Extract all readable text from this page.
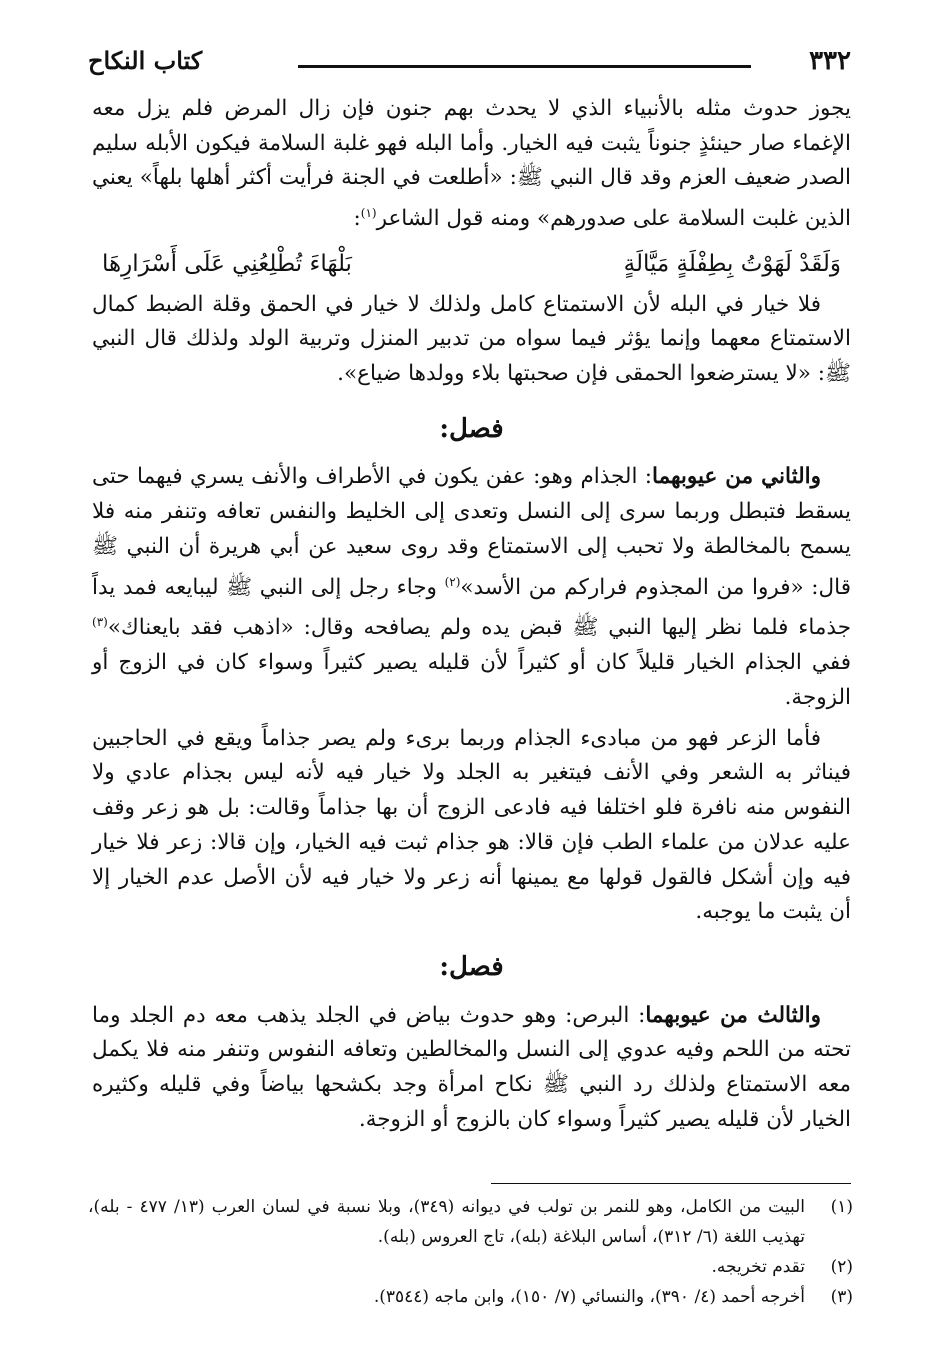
٣٣٢
كتاب النكاح

يجوز حدوث مثله بالأنبياء الذي لا يحدث بهم جنون فإن زال المرض فلم يزل معه الإغماء صار حينئذٍ جنوناً يثبت فيه الخيار. وأما البله فهو غلبة السلامة فيكون الأبله سليم الصدر ضعيف العزم وقد قال النبي ﷺ: «أطلعت في الجنة فرأيت أكثر أهلها بلهاً» يعني الذين غلبت السلامة على صدورهم» ومنه قول الشاعر$^{(١)}$:

وَلَقَدْ لَهَوْتُ بِطِفْلَةٍ مَيَّالَةٍ
بَلْهَاءَ تُطْلِعُنِي عَلَى أَسْرَارِهَا

فلا خيار في البله لأن الاستمتاع كامل ولذلك لا خيار في الحمق وقلة الضبط كمال الاستمتاع معهما وإنما يؤثر فيما سواه من تدبير المنزل وتربية الولد ولذلك قال النبي ﷺ: «لا يسترضعوا الحمقى فإن صحبتها بلاء وولدها ضياع».

فصل:

والثاني من عيوبهما: الجذام وهو: عفن يكون في الأطراف والأنف يسري فيهما حتى يسقط فتبطل وربما سرى إلى النسل وتعدى إلى الخليط والنفس تعافه وتنفر منه فلا يسمح بالمخالطة ولا تحبب إلى الاستمتاع وقد روى سعيد عن أبي هريرة أن النبي ﷺ قال: «فروا من المجذوم فراركم من الأسد»$^{(٢)}$ وجاء رجل إلى النبي ﷺ ليبايعه فمد يداً جذماء فلما نظر إليها النبي ﷺ قبض يده ولم يصافحه وقال: «اذهب فقد بايعناك»$^{(٣)}$ ففي الجذام الخيار قليلاً كان أو كثيراً لأن قليله يصير كثيراً وسواء كان في الزوج أو الزوجة.

فأما الزعر فهو من مبادىء الجذام وربما برىء ولم يصر جذاماً ويقع في الحاجبين فيناثر به الشعر وفي الأنف فيتغير به الجلد ولا خيار فيه لأنه ليس بجذام عادي ولا النفوس منه نافرة فلو اختلفا فيه فادعى الزوج أن بها جذاماً وقالت: بل هو زعر وقف عليه عدلان من علماء الطب فإن قالا: هو جذام ثبت فيه الخيار، وإن قالا: زعر فلا خيار فيه وإن أشكل فالقول قولها مع يمينها أنه زعر ولا خيار فيه لأن الأصل عدم الخيار إلا أن يثبت ما يوجبه.

فصل:

والثالث من عيوبهما: البرص: وهو حدوث بياض في الجلد يذهب معه دم الجلد وما تحته من اللحم وفيه عدوي إلى النسل والمخالطين وتعافه النفوس وتنفر منه فلا يكمل معه الاستمتاع ولذلك رد النبي ﷺ نكاح امرأة وجد بكشحها بياضاً وفي قليله وكثيره الخيار لأن قليله يصير كثيراً وسواء كان بالزوج أو الزوجة.

(١)
البيت من الكامل، وهو للنمر بن تولب في ديوانه (٣٤٩)، وبلا نسبة في لسان العرب (١٣/ ٤٧٧ - بله)، تهذيب اللغة (٦/ ٣١٢)، أساس البلاغة (بله)، تاج العروس (بله).
(٢)
تقدم تخريجه.
(٣)
أخرجه أحمد (٤/ ٣٩٠)، والنسائي (٧/ ١٥٠)، وابن ماجه (٣٥٤٤).
